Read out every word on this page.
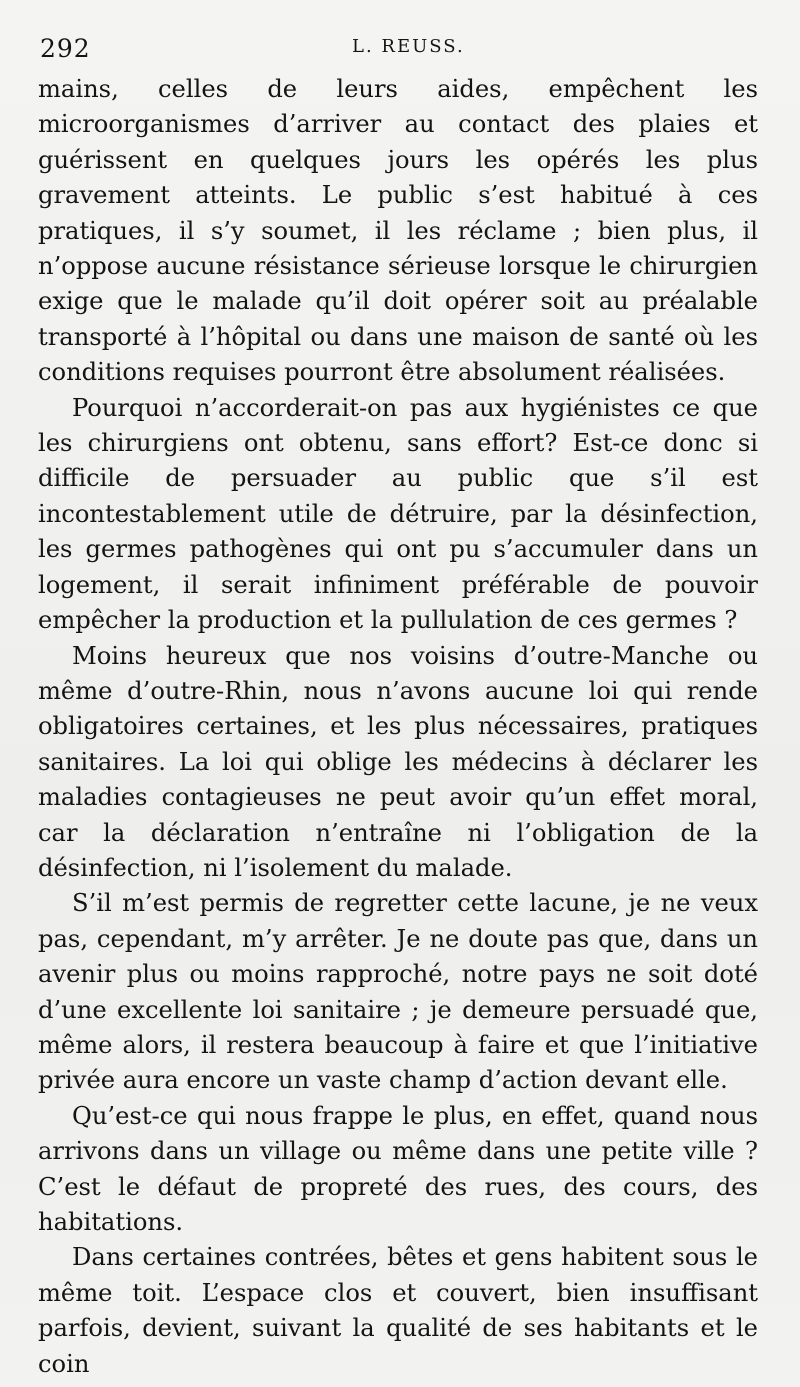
292	L. REUSS.

mains, celles de leurs aides, empêchent les microorganismes d’arriver au contact des plaies et guérissent en quelques jours les opérés les plus gravement atteints. Le public s’est habitué à ces pratiques, il s’y soumet, il les réclame ; bien plus, il n’oppose aucune résistance sérieuse lorsque le chirurgien exige que le malade qu’il doit opérer soit au préalable transporté à l’hôpital ou dans une maison de santé où les conditions requises pourront être absolument réalisées.

Pourquoi n’accorderait-on pas aux hygiénistes ce que les chirurgiens ont obtenu, sans effort? Est-ce donc si difficile de persuader au public que s’il est incontestablement utile de détruire, par la désinfection, les germes pathogènes qui ont pu s’accumuler dans un logement, il serait infiniment préférable de pouvoir empêcher la production et la pullulation de ces germes ?

Moins heureux que nos voisins d’outre-Manche ou même d’outre-Rhin, nous n’avons aucune loi qui rende obligatoires certaines, et les plus nécessaires, pratiques sanitaires. La loi qui oblige les médecins à déclarer les maladies contagieuses ne peut avoir qu’un effet moral, car la déclaration n’entraîne ni l’obligation de la désinfection, ni l’isolement du malade.

S’il m’est permis de regretter cette lacune, je ne veux pas, cependant, m’y arrêter. Je ne doute pas que, dans un avenir plus ou moins rapproché, notre pays ne soit doté d’une excellente loi sanitaire ; je demeure persuadé que, même alors, il restera beaucoup à faire et que l’initiative privée aura encore un vaste champ d’action devant elle.

Qu’est-ce qui nous frappe le plus, en effet, quand nous arrivons dans un village ou même dans une petite ville ? C’est le défaut de propreté des rues, des cours, des habitations.

Dans certaines contrées, bêtes et gens habitent sous le même toit. L’espace clos et couvert, bien insuffisant parfois, devient, suivant la qualité de ses habitants et le coin
